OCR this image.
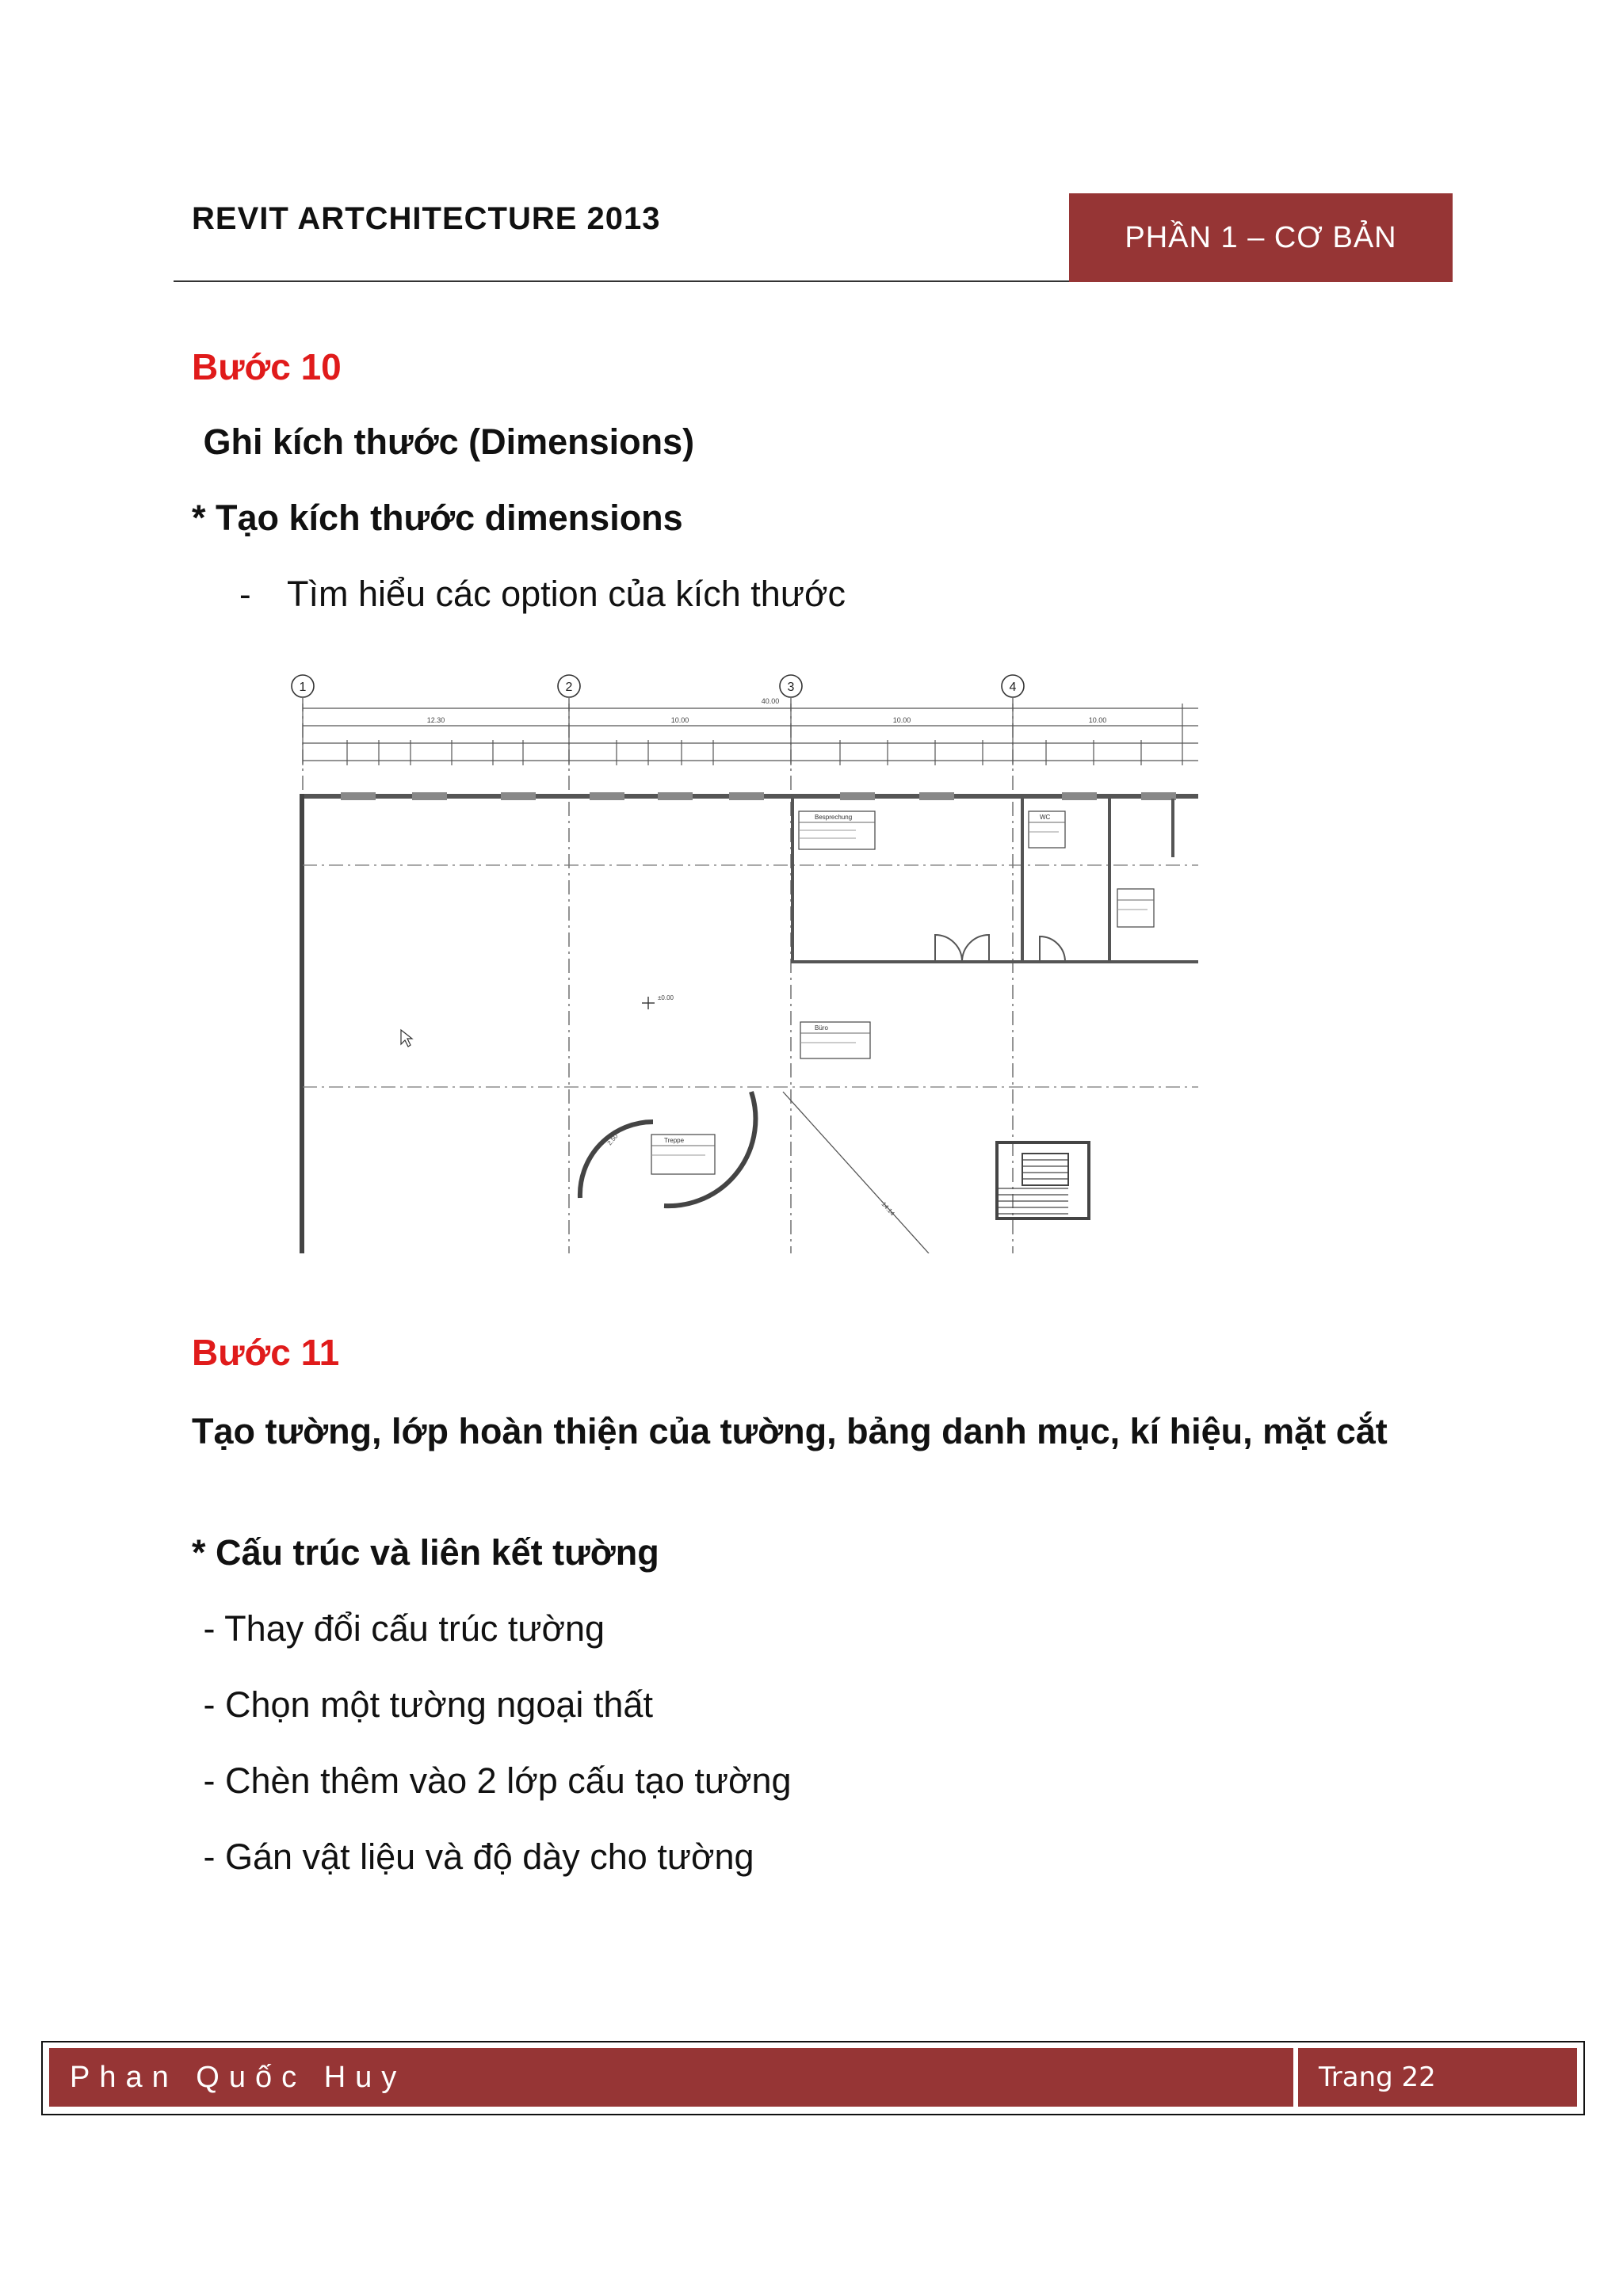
REVIT ARTCHITECTURE 2013
PHẦN 1 – CƠ BẢN
Bước 10
Ghi kích thước (Dimensions)
* Tạo kích thước dimensions
- Tìm hiểu các option của kích thước
1	2	3	4
40.00
12.30	10.00	10.00	10.00
Besprechung	WC
Büro
Treppe
±0.00
2.50
14.14
Bước 11
Tạo tường, lớp hoàn thiện của tường, bảng danh mục, kí hiệu, mặt cắt
* Cấu trúc và liên kết tường
- Thay đổi cấu trúc tường
- Chọn một tường ngoại thất
- Chèn thêm vào 2 lớp cấu tạo tường
- Gán vật liệu và độ dày cho tường
Phan Quốc Huy	Trang 22
